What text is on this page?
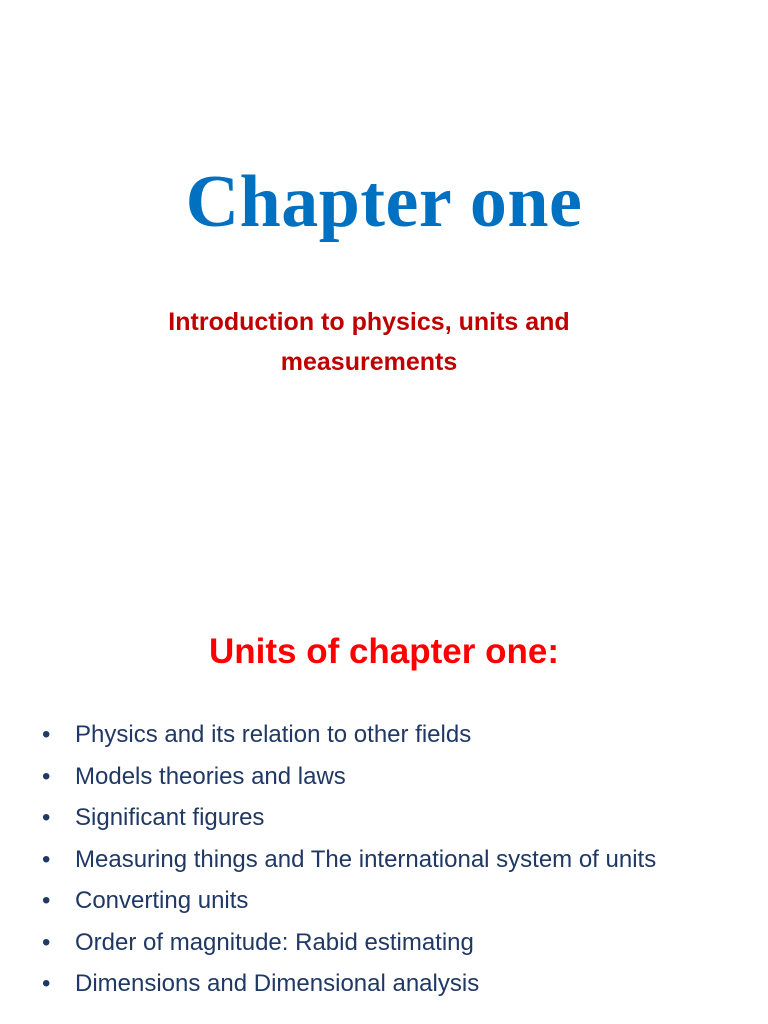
Chapter one
Introduction to physics, units and
measurements
Units of chapter one:
•	Physics and its relation to other fields
•	Models theories and laws
•	Significant figures
•	Measuring things and The international system of units
•	Converting units
•	Order of magnitude: Rabid estimating
•	Dimensions and Dimensional analysis
